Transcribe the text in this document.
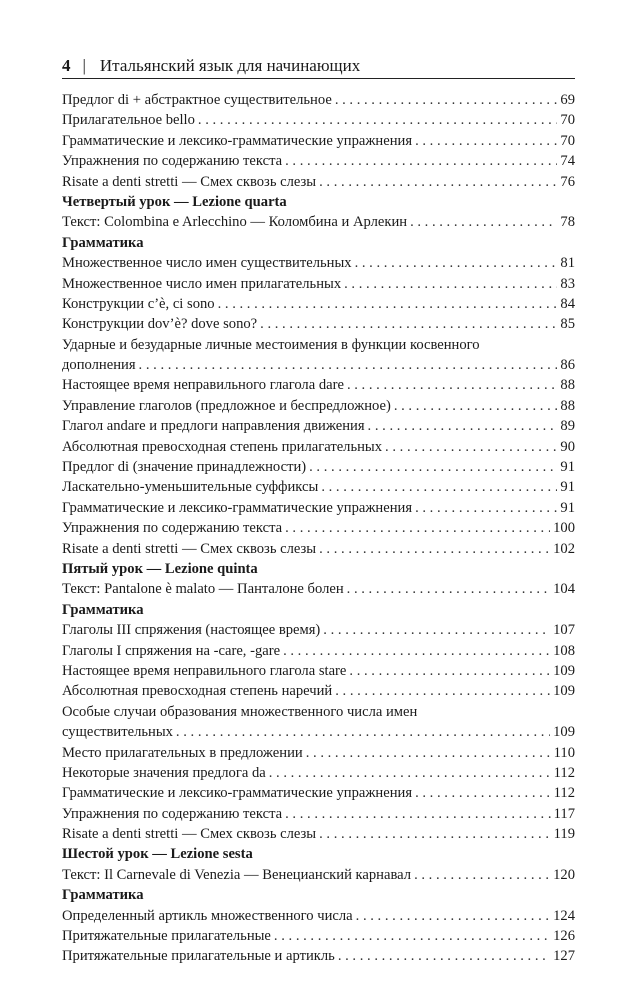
4 | Итальянский язык для начинающих
Предлог di + абстрактное существительное . . .	69
Прилагательное bello . . .	70
Грамматические и лексико-грамматические упражнения . . .	70
Упражнения по содержанию текста . . .	74
Risate a denti stretti — Смех сквозь слезы . . .	76
Четвертый урок — Lezione quarta
Текст: Colombina e Arlecchino — Коломбина и Арлекин . . .	78
Грамматика
Множественное число имен существительных . . .	81
Множественное число имен прилагательных . . .	83
Конструкции c’è, ci sono . . .	84
Конструкции dov’è? dove sono? . . .	85
Ударные и безударные личные местоимения в функции косвенного
дополнения . . .	86
Настоящее время неправильного глагола dare . . .	88
Управление глаголов (предложное и беспредложное) . . .	88
Глагол andare и предлоги направления движения . . .	89
Абсолютная превосходная степень прилагательных . . .	90
Предлог di (значение принадлежности) . . .	91
Ласкательно-уменьшительные суффиксы . . .	91
Грамматические и лексико-грамматические упражнения . . .	91
Упражнения по содержанию текста . . .	100
Risate a denti stretti — Смех сквозь слезы . . .	102
Пятый урок — Lezione quinta
Текст: Pantalone è malato — Панталоне болен . . .	104
Грамматика
Глаголы III спряжения (настоящее время) . . .	107
Глаголы I спряжения на -care, -gare . . .	108
Настоящее время неправильного глагола stare . . .	109
Абсолютная превосходная степень наречий . . .	109
Особые случаи образования множественного числа имен
существительных . . .	109
Место прилагательных в предложении . . .	110
Некоторые значения предлога da . . .	112
Грамматические и лексико-грамматические упражнения . . .	112
Упражнения по содержанию текста . . .	117
Risate a denti stretti — Смех сквозь слезы . . .	119
Шестой урок — Lezione sesta
Текст: Il Carnevale di Venezia — Венецианский карнавал . . .	120
Грамматика
Определенный артикль множественного числа . . .	124
Притяжательные прилагательные . . .	126
Притяжательные прилагательные и артикль . . .	127
